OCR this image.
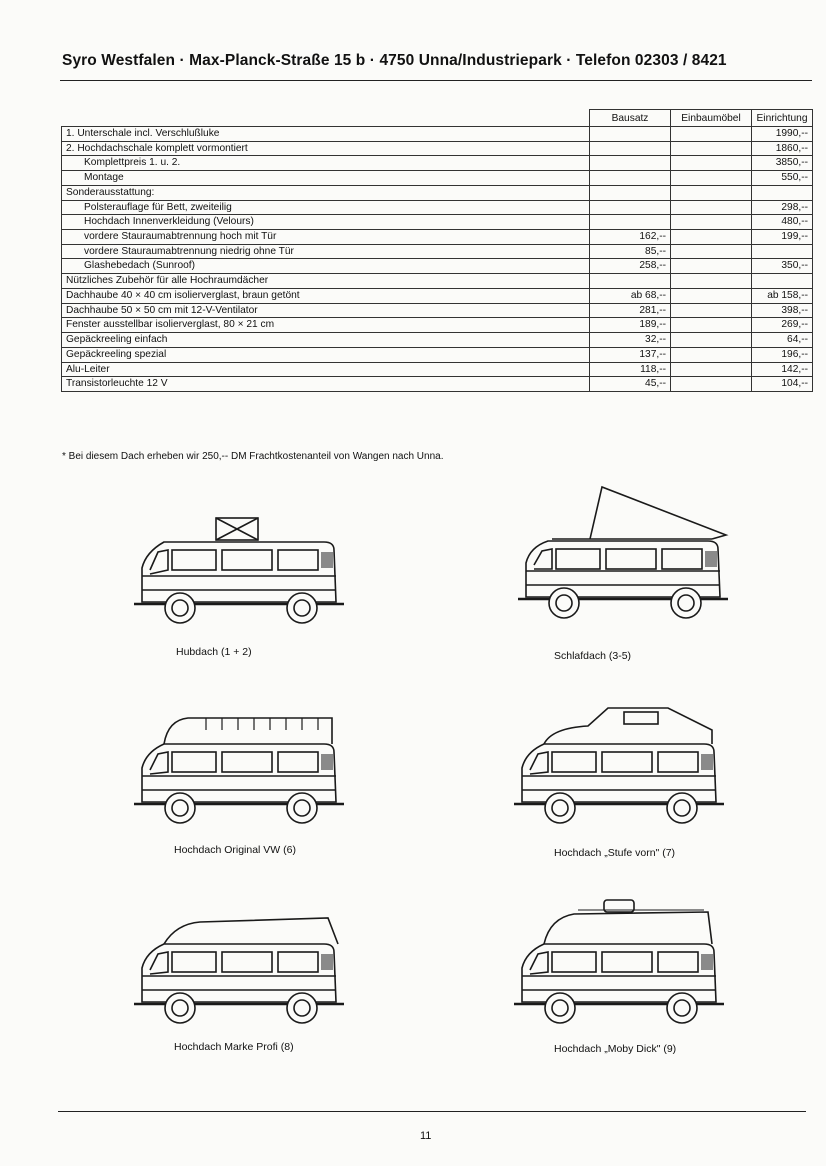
Syro Westfalen · Max-Planck-Straße 15 b · 4750 Unna/Industriepark · Telefon 02303 / 8421
	Bausatz	Einbaumöbel	Einrichtung
1. Unterschale incl. Verschlußluke			1990,--
2. Hochdachschale komplett vormontiert			1860,--
Komplettpreis 1. u. 2.			3850,--
Montage			550,--
Sonderausstattung:			
Polsterauflage für Bett, zweiteilig			298,--
Hochdach Innenverkleidung (Velours)			480,--
vordere Stauraumabtrennung hoch mit Tür	162,--		199,--
vordere Stauraumabtrennung niedrig ohne Tür	85,--		
Glashebedach (Sunroof)	258,--		350,--
Nützliches Zubehör für alle Hochraumdächer			
Dachhaube 40 × 40 cm isolierverglast, braun getönt	ab 68,--		ab 158,--
Dachhaube 50 × 50 cm mit 12-V-Ventilator	281,--		398,--
Fenster ausstellbar isolierverglast, 80 × 21 cm	189,--		269,--
Gepäckreeling einfach	32,--		64,--
Gepäckreeling spezial	137,--		196,--
Alu-Leiter	118,--		142,--
Transistorleuchte 12 V	45,--		104,--
* Bei diesem Dach erheben wir 250,-- DM Frachtkostenanteil von Wangen nach Unna.
Hubdach (1 + 2)	Schlafdach (3-5)
Hochdach Original VW (6)	Hochdach „Stufe vorn" (7)
Hochdach Marke Profi (8)	Hochdach „Moby Dick" (9)
11
